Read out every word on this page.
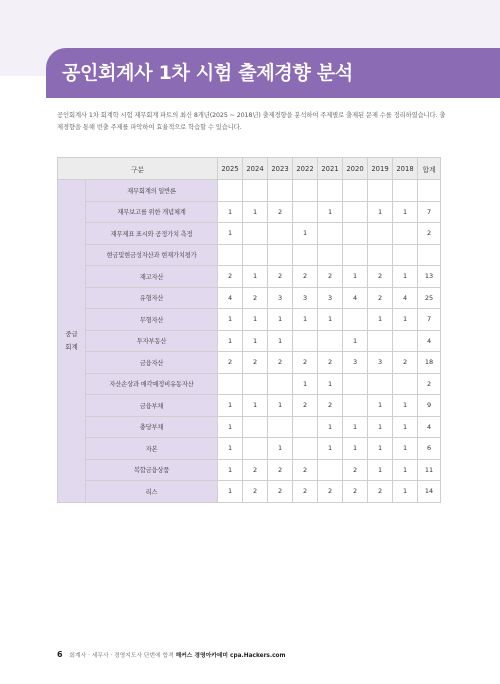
공인회계사 1차 시험 출제경향 분석
공인회계사 1차 회계학 시험 재무회계 파트의 최신 8개년(2025 ~ 2018년) 출제경향을 분석하여 주제별로 출제된 문제 수를 정리하였습니다. 출제경향을 통해 빈출 주제를 파악하여 효율적으로 학습할 수 있습니다.
구분		2025	2024	2023	2022	2021	2020	2019	2018	합계

중급
회계	재무회계의 일반론									
	재무보고를 위한 개념체계	1	1	2		1		1	1	7
	재무제표 표시와 공정가치 측정	1			1					2
	현금및현금성자산과 현재가치평가									
	재고자산	2	1	2	2	2	1	2	1	13
	유형자산	4	2	3	3	3	4	2	4	25
	무형자산	1	1	1	1	1		1	1	7
	투자부동산	1	1	1			1			4
	금융자산	2	2	2	2	2	3	3	2	18
	자산손상과 매각예정비유동자산				1	1				2
	금융부채	1	1	1	2	2		1	1	9
	충당부채	1				1	1	1	1	4
	자본	1		1		1	1	1	1	6
	복합금융상품	1	2	2	2		2	1	1	11
	리스	1	2	2	2	2	2	2	1	14
6 회계사 · 세무사 · 경영지도사 단번에 합격 해커스 경영아카데미 cpa.Hackers.com
